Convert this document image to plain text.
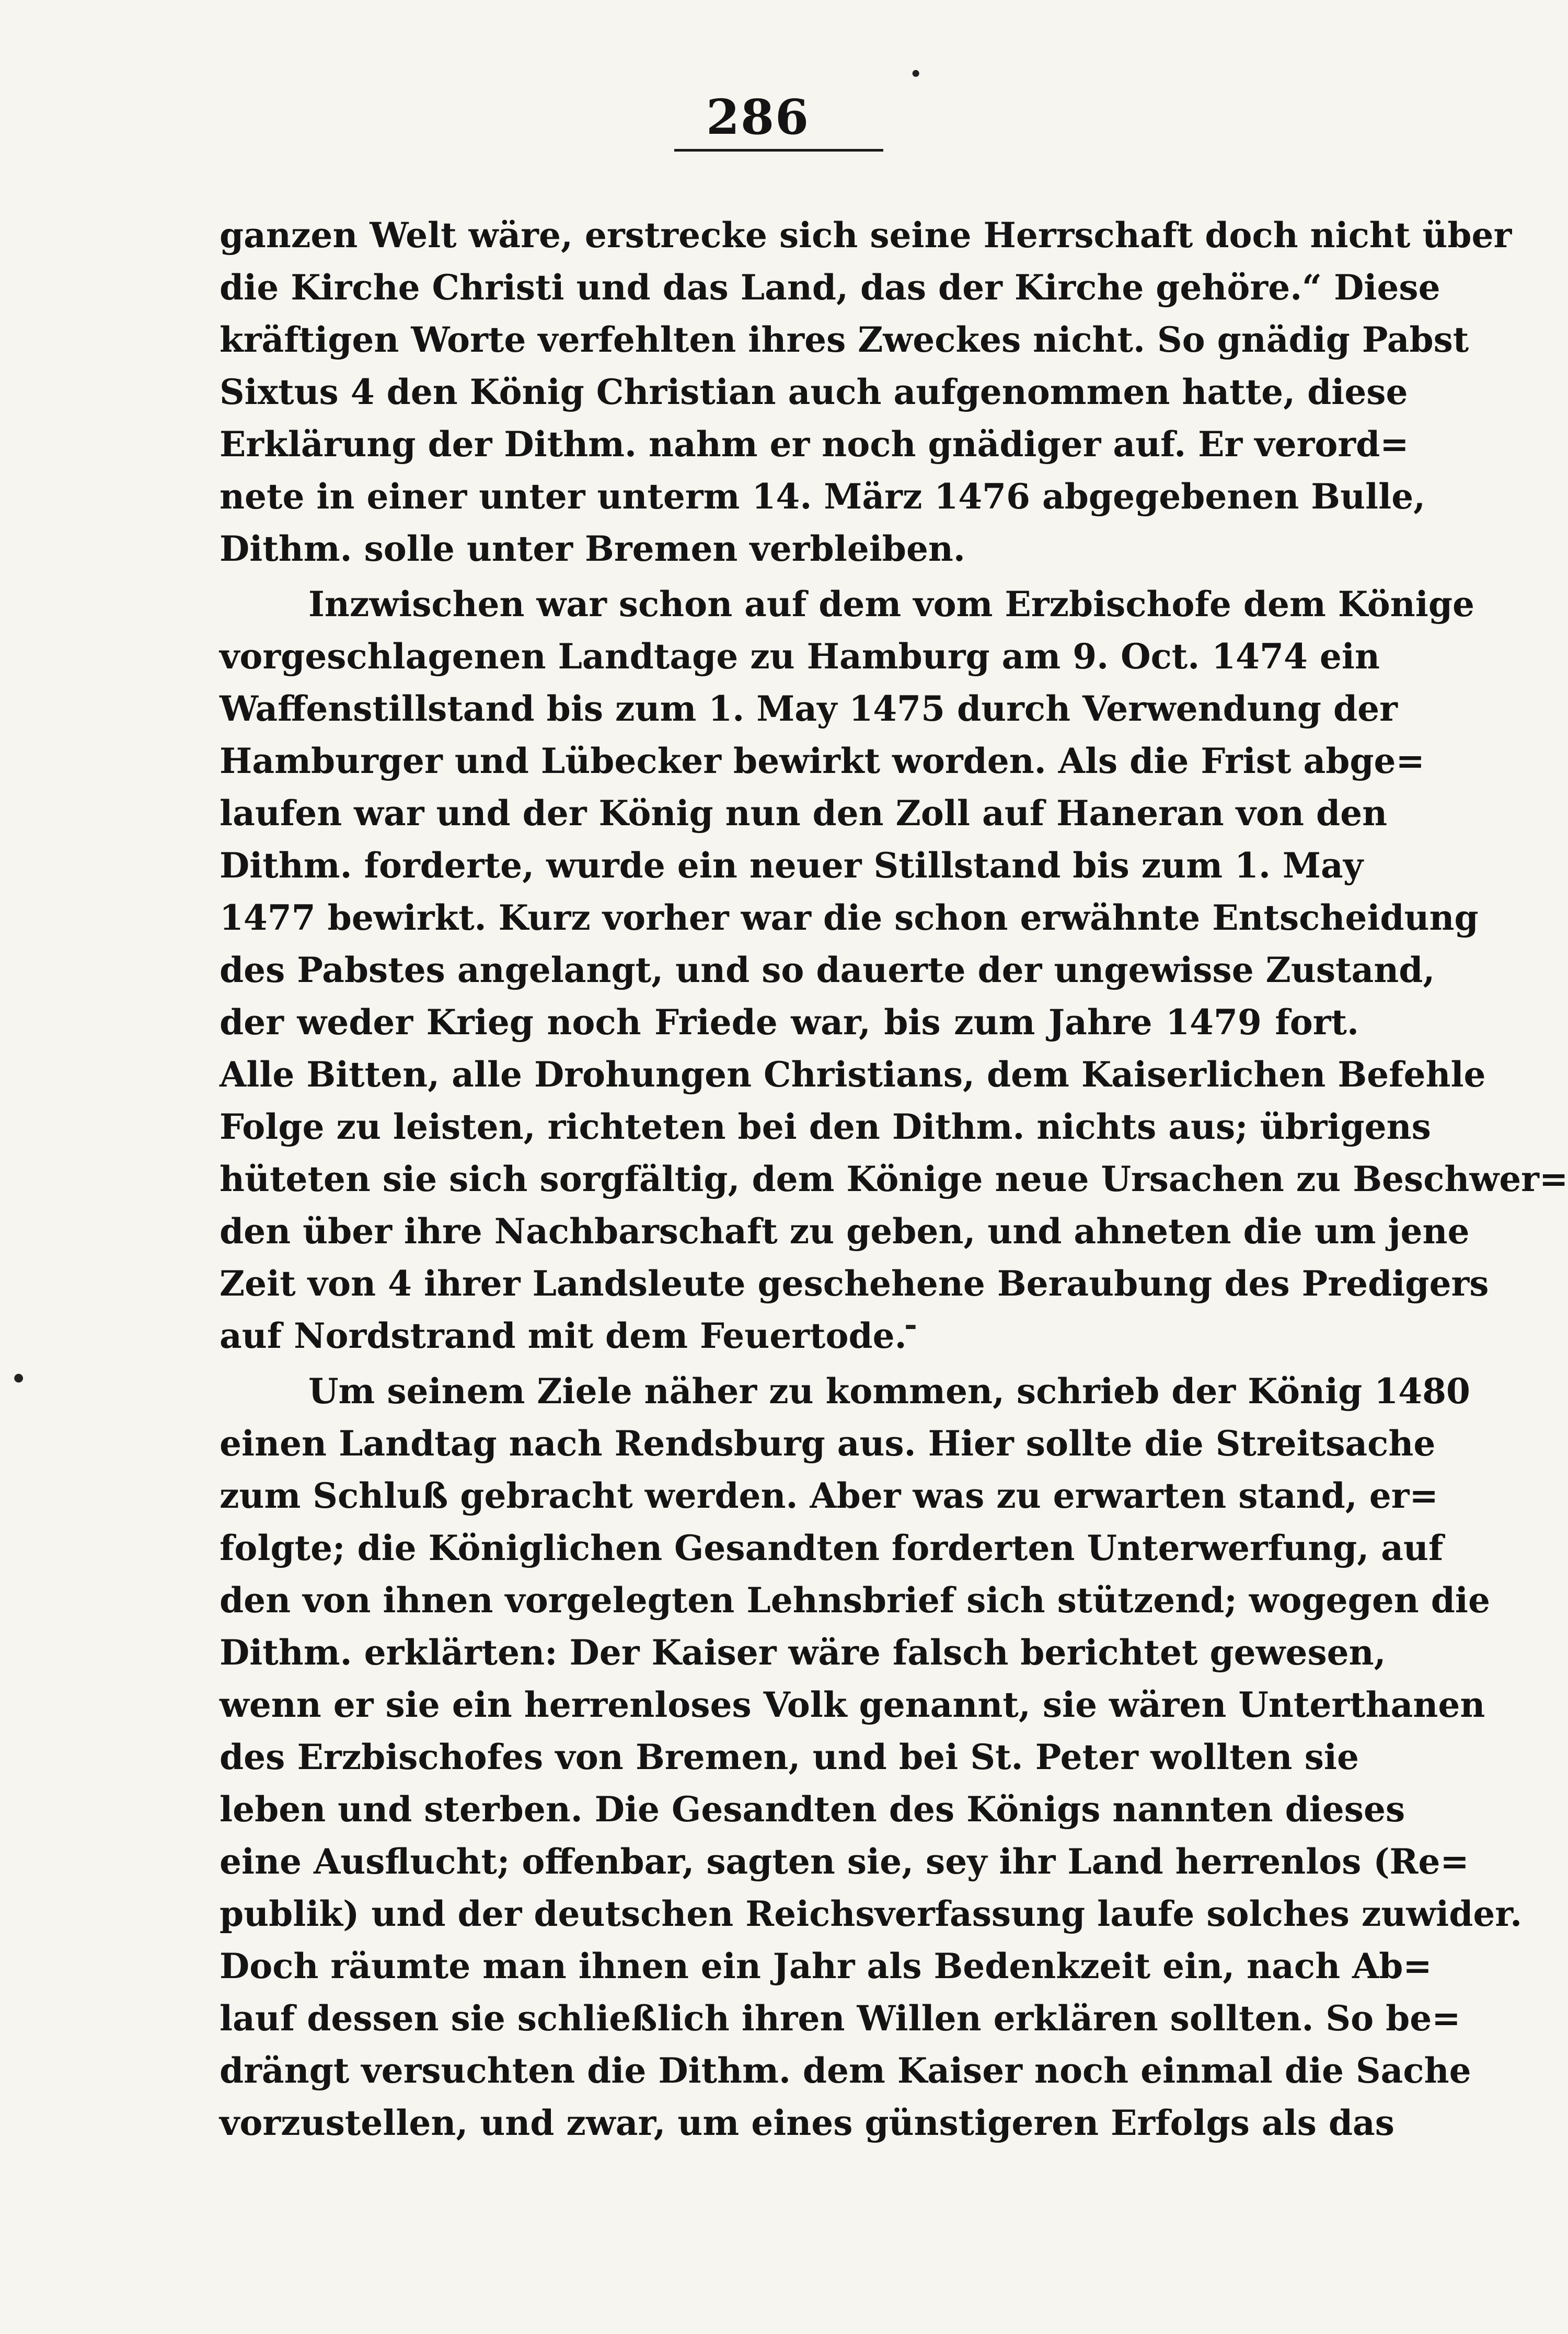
286
.
-
.
ganzen Welt wäre, erstrecke sich seine Herrschaft doch nicht über
die Kirche Christi und das Land, das der Kirche gehöre.“ Diese
kräftigen Worte verfehlten ihres Zweckes nicht. So gnädig Pabst
Sixtus 4 den König Christian auch aufgenommen hatte, diese
Erklärung der Dithm. nahm er noch gnädiger auf. Er verord=
nete in einer unter unterm 14. März 1476 abgegebenen Bulle,
Dithm. solle unter Bremen verbleiben.
Inzwischen war schon auf dem vom Erzbischofe dem Könige
vorgeschlagenen Landtage zu Hamburg am 9. Oct. 1474 ein
Waffenstillstand bis zum 1. May 1475 durch Verwendung der
Hamburger und Lübecker bewirkt worden. Als die Frist abge=
laufen war und der König nun den Zoll auf Haneran von den
Dithm. forderte, wurde ein neuer Stillstand bis zum 1. May
1477 bewirkt. Kurz vorher war die schon erwähnte Entscheidung
des Pabstes angelangt, und so dauerte der ungewisse Zustand,
der weder Krieg noch Friede war, bis zum Jahre 1479 fort.
Alle Bitten, alle Drohungen Christians, dem Kaiserlichen Befehle
Folge zu leisten, richteten bei den Dithm. nichts aus; übrigens
hüteten sie sich sorgfältig, dem Könige neue Ursachen zu Beschwer=
den über ihre Nachbarschaft zu geben, und ahneten die um jene
Zeit von 4 ihrer Landsleute geschehene Beraubung des Predigers
auf Nordstrand mit dem Feuertode.
Um seinem Ziele näher zu kommen, schrieb der König 1480
einen Landtag nach Rendsburg aus. Hier sollte die Streitsache
zum Schluß gebracht werden. Aber was zu erwarten stand, er=
folgte; die Königlichen Gesandten forderten Unterwerfung, auf
den von ihnen vorgelegten Lehnsbrief sich stützend; wogegen die
Dithm. erklärten: Der Kaiser wäre falsch berichtet gewesen,
wenn er sie ein herrenloses Volk genannt, sie wären Unterthanen
des Erzbischofes von Bremen, und bei St. Peter wollten sie
leben und sterben. Die Gesandten des Königs nannten dieses
eine Ausflucht; offenbar, sagten sie, sey ihr Land herrenlos (Re=
publik) und der deutschen Reichsverfassung laufe solches zuwider.
Doch räumte man ihnen ein Jahr als Bedenkzeit ein, nach Ab=
lauf dessen sie schließlich ihren Willen erklären sollten. So be=
drängt versuchten die Dithm. dem Kaiser noch einmal die Sache
vorzustellen, und zwar, um eines günstigeren Erfolgs als das
